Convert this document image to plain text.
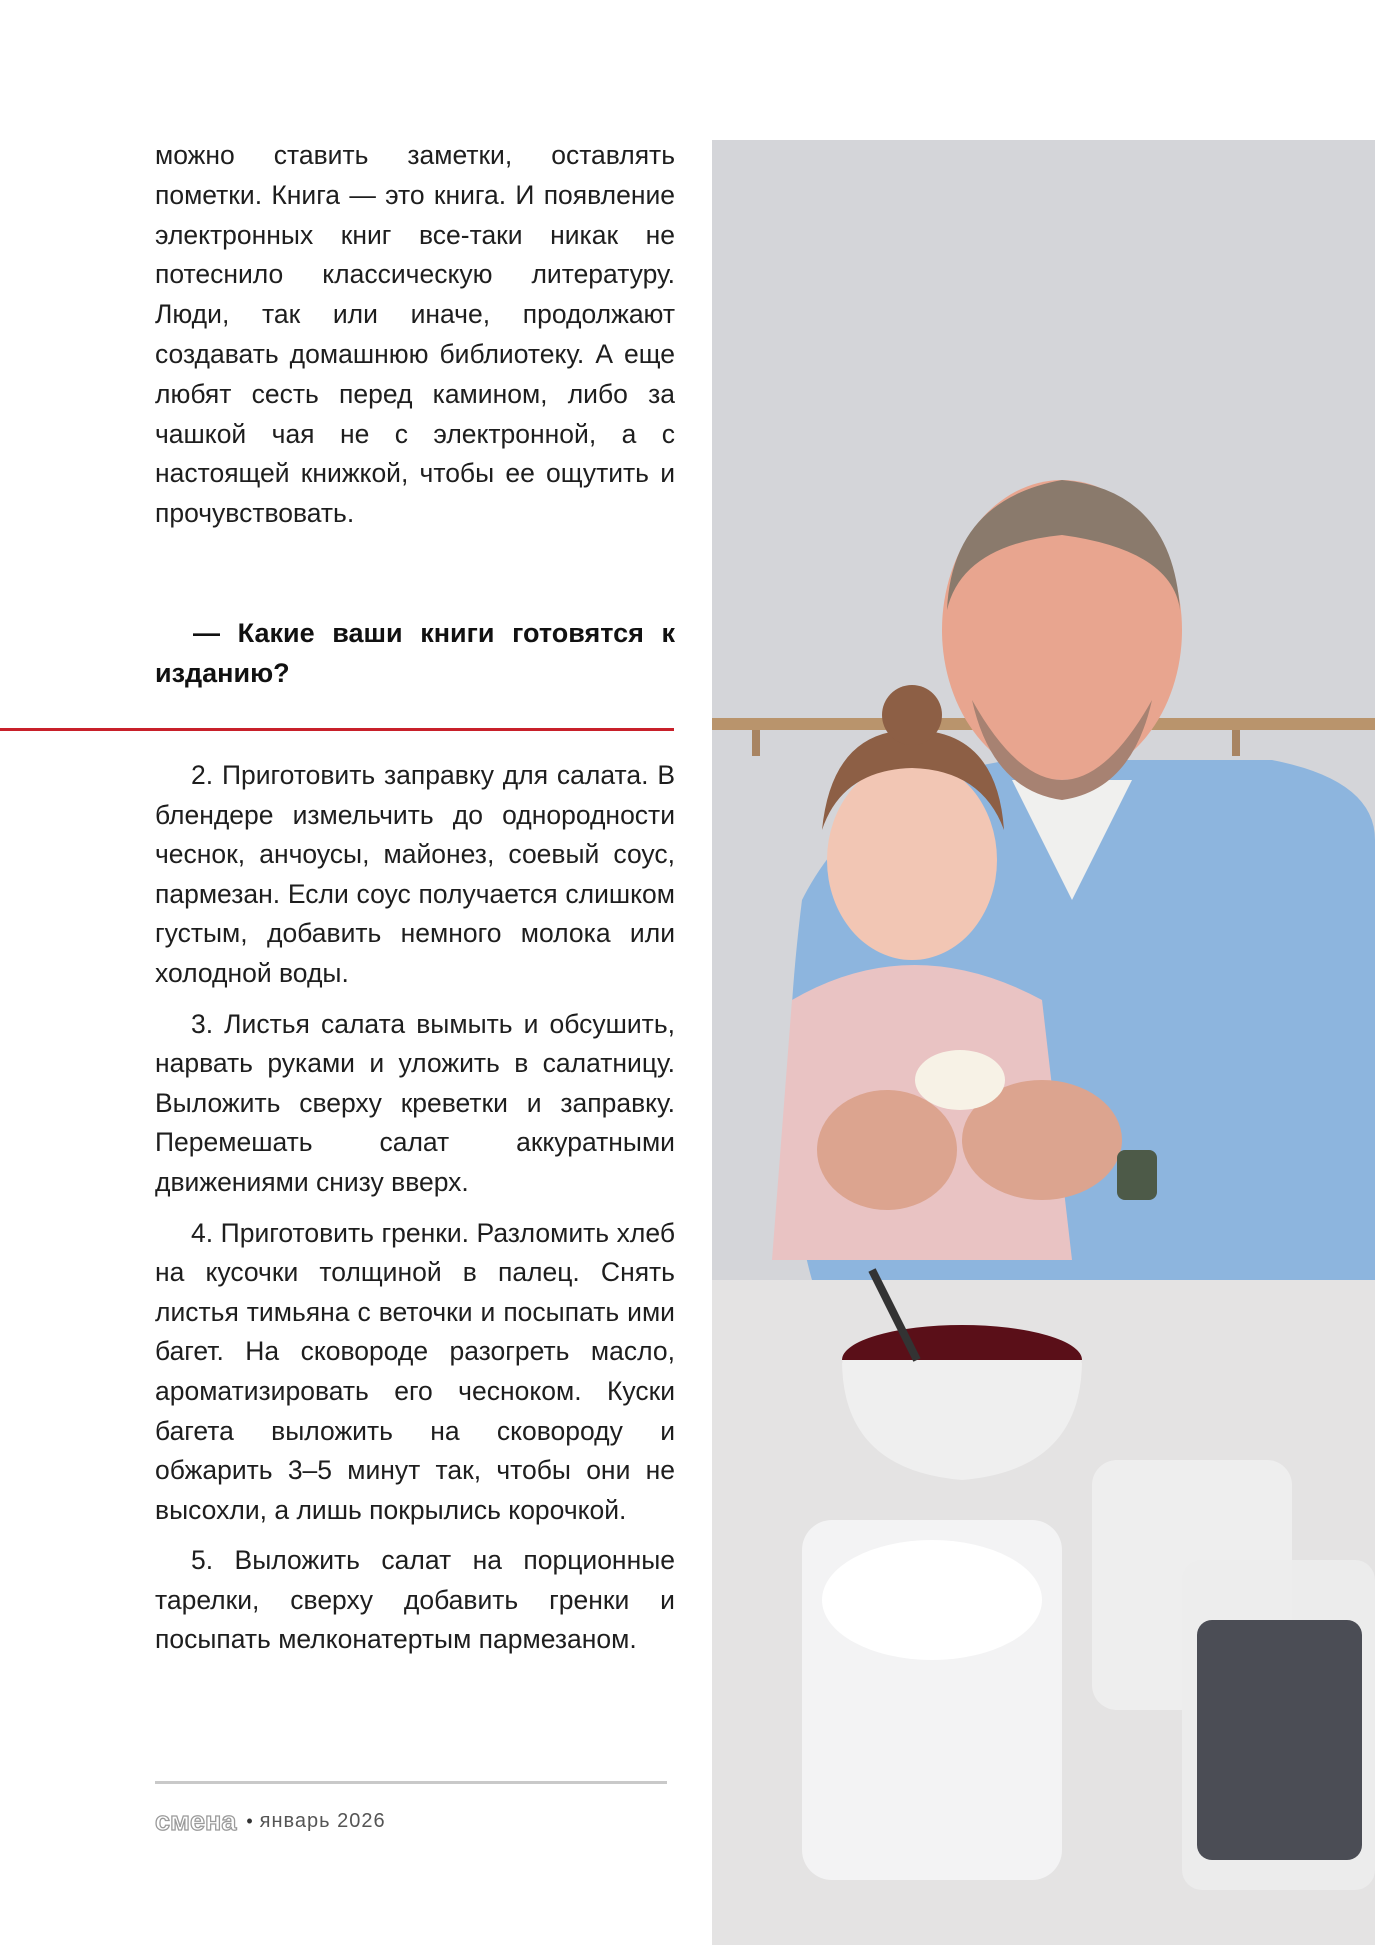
можно ставить заметки, оставлять пометки. Книга — это книга. И появление электронных книг все-таки никак не потеснило классическую литературу. Люди, так или иначе, продолжают создавать домашнюю библиотеку. А еще любят сесть перед камином, либо за чашкой чая не с электронной, а с настоящей книжкой, чтобы ее ощутить и прочувствовать.

— Какие ваши книги готовятся к изданию?

2. Приготовить заправку для салата. В блендере измельчить до однородности чеснок, анчоусы, майонез, соевый соус, пармезан. Если соус получается слишком густым, добавить немного молока или холодной воды.

3. Листья салата вымыть и обсушить, нарвать руками и уложить в салатницу. Выложить сверху креветки и заправку. Перемешать салат аккуратными движениями снизу вверх.

4. Приготовить гренки. Разломить хлеб на кусочки толщиной в палец. Снять листья тимьяна с веточки и посыпать ими багет. На сковороде разогреть масло, ароматизировать его чесноком. Куски багета выложить на сковороду и обжарить 3–5 минут так, чтобы они не высохли, а лишь покрылись корочкой.

5. Выложить салат на порционные тарелки, сверху добавить гренки и посыпать мелконатертым пармезаном.

смена • январь 2026
